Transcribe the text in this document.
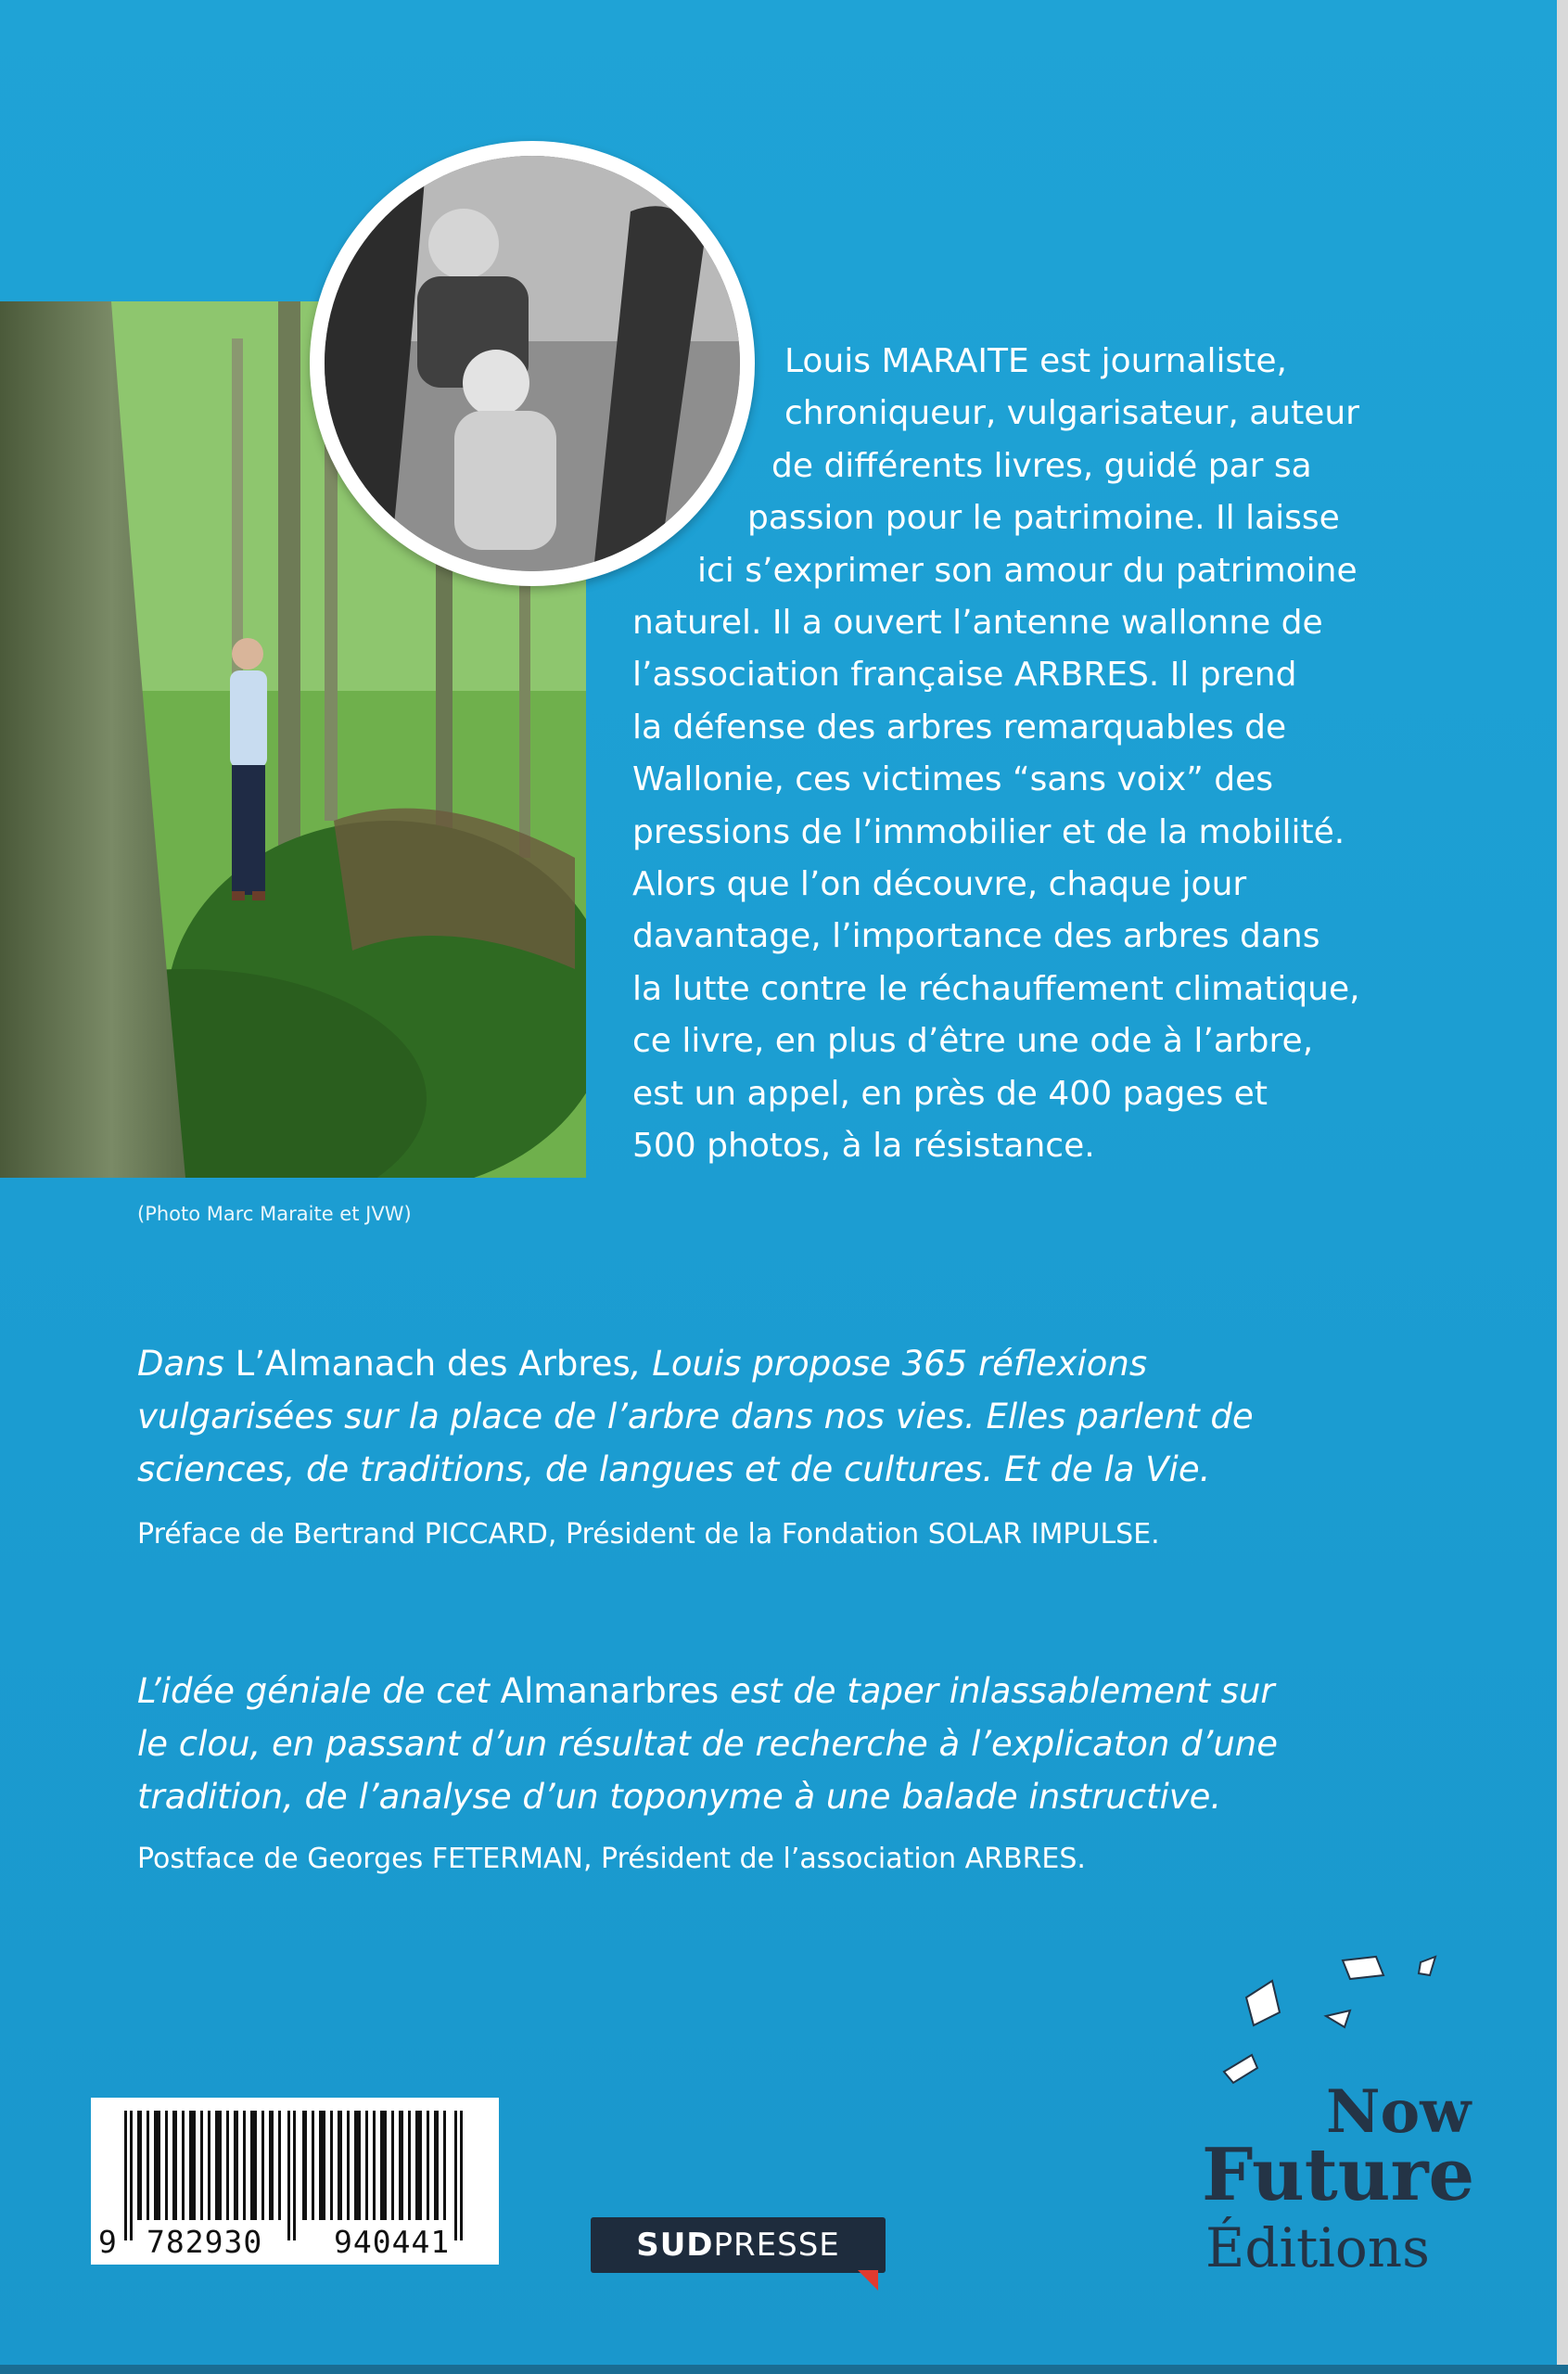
Louis MARAITE est journaliste,
chroniqueur, vulgarisateur, auteur
de différents livres, guidé par sa
passion pour le patrimoine. Il laisse
ici s’exprimer son amour du patrimoine
naturel. Il a ouvert l’antenne wallonne de
l’association française ARBRES. Il prend
la défense des arbres remarquables de
Wallonie, ces victimes “sans voix” des
pressions de l’immobilier et de la mobilité.
Alors que l’on découvre, chaque jour
davantage, l’importance des arbres dans
la lutte contre le réchauffement climatique,
ce livre, en plus d’être une ode à l’arbre,
est un appel, en près de 400 pages et
500 photos, à la résistance.
(Photo Marc Maraite et JVW)
Dans L’Almanach des Arbres, Louis propose 365 réflexions
vulgarisées sur la place de l’arbre dans nos vies. Elles parlent de
sciences, de traditions, de langues et de cultures. Et de la Vie.
Préface de Bertrand PICCARD, Président de la Fondation SOLAR IMPULSE.
L’idée géniale de cet Almanarbres est de taper inlassablement sur
le clou, en passant d’un résultat de recherche à l’explicaton d’une
tradition, de l’analyse d’un toponyme à une balade instructive.
Postface de Georges FETERMAN, Président de l’association ARBRES.
9 782930 940441	SUD PRESSE
Now
Future
Éditions
